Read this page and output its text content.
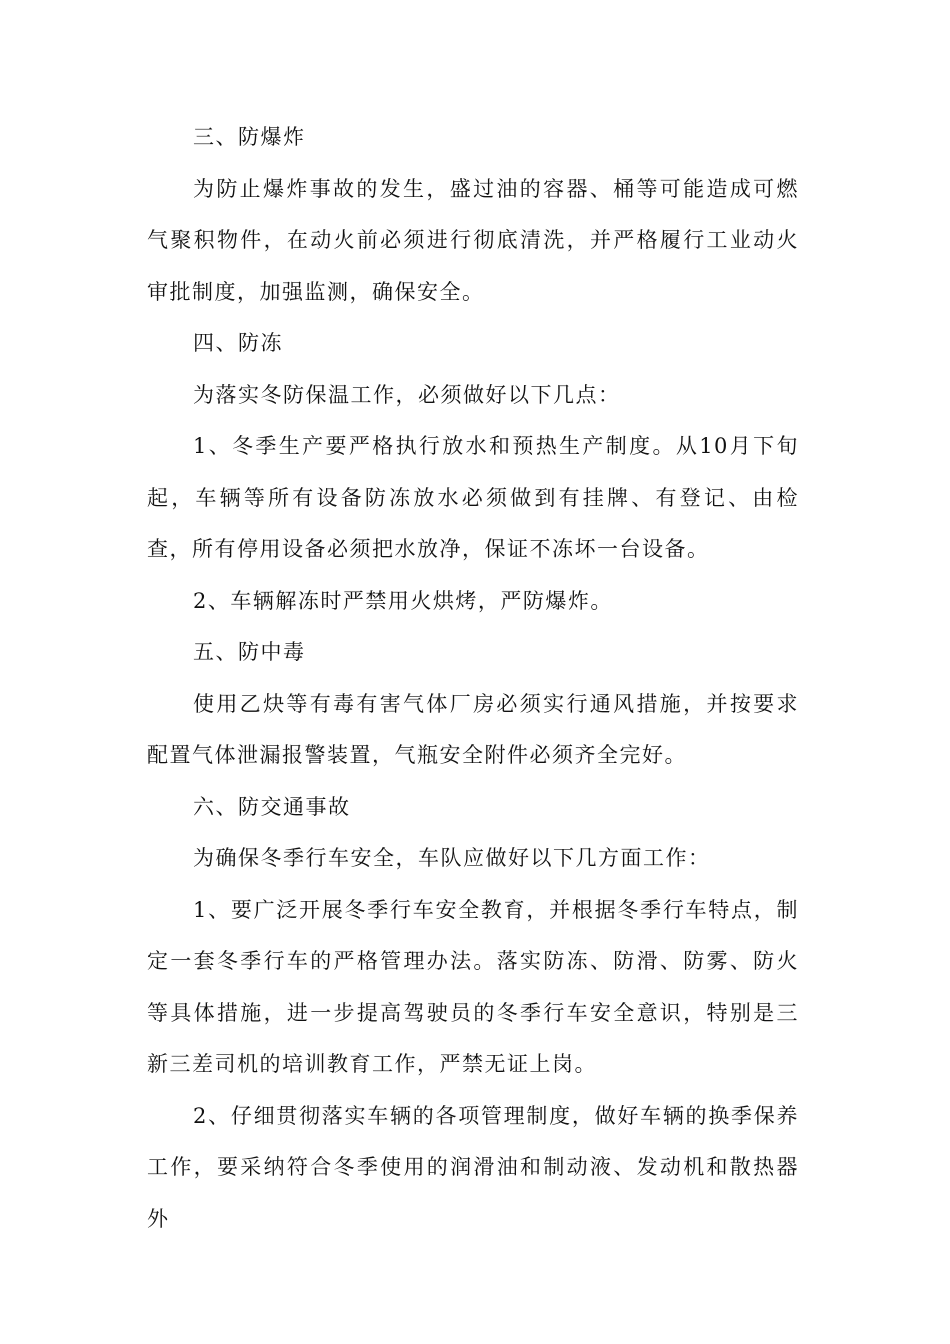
三、防爆炸

为防止爆炸事故的发生，盛过油的容器、桶等可能造成可燃气聚积物件，在动火前必须进行彻底清洗，并严格履行工业动火审批制度，加强监测，确保安全。

四、防冻

为落实冬防保温工作，必须做好以下几点：

1、冬季生产要严格执行放水和预热生产制度。从10月下旬起，车辆等所有设备防冻放水必须做到有挂牌、有登记、由检查，所有停用设备必须把水放净，保证不冻坏一台设备。

2、车辆解冻时严禁用火烘烤，严防爆炸。

五、防中毒

使用乙炔等有毒有害气体厂房必须实行通风措施，并按要求配置气体泄漏报警装置，气瓶安全附件必须齐全完好。

六、防交通事故

为确保冬季行车安全，车队应做好以下几方面工作：

1、要广泛开展冬季行车安全教育，并根据冬季行车特点，制定一套冬季行车的严格管理办法。落实防冻、防滑、防雾、防火等具体措施，进一步提高驾驶员的冬季行车安全意识，特别是三新三差司机的培训教育工作，严禁无证上岗。

2、仔细贯彻落实车辆的各项管理制度，做好车辆的换季保养工作，要采纳符合冬季使用的润滑油和制动液、发动机和散热器外
